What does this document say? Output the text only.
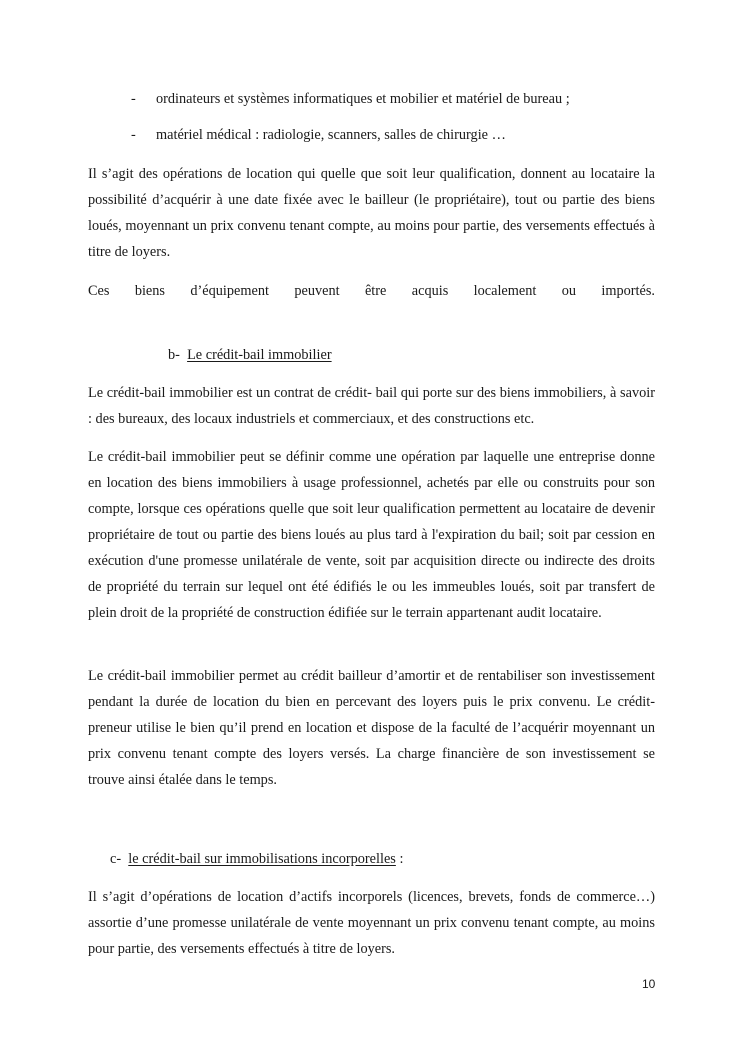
- ordinateurs et systèmes informatiques et mobilier et matériel de bureau ;
- matériel médical : radiologie, scanners, salles de chirurgie …

Il s’agit des opérations de location qui quelle que soit leur qualification, donnent au locataire la possibilité d’acquérir à une date fixée avec le bailleur (le propriétaire), tout ou partie des biens loués, moyennant un prix convenu tenant compte, au moins pour partie, des versements effectués à titre de loyers.

Ces biens d’équipement peuvent être acquis localement ou importés.

b- Le crédit-bail immobilier

Le crédit-bail immobilier est un contrat de crédit- bail qui porte sur des biens immobiliers, à savoir : des bureaux, des locaux industriels et commerciaux, et des constructions etc.

Le crédit-bail immobilier peut se définir comme une opération par laquelle une entreprise donne en location des biens immobiliers à usage professionnel, achetés par elle ou construits pour son compte, lorsque ces opérations quelle que soit leur qualification permettent au locataire de devenir propriétaire de tout ou partie des biens loués au plus tard à l'expiration du bail; soit par cession en exécution d'une promesse unilatérale de vente, soit par acquisition directe ou indirecte des droits de propriété du terrain sur lequel ont été édifiés le ou les immeubles loués, soit par transfert de plein droit de la propriété de construction édifiée sur le terrain appartenant audit locataire.

Le crédit-bail immobilier permet au crédit bailleur d’amortir et de rentabiliser son investissement pendant la durée de location du bien en percevant des loyers puis le prix convenu. Le crédit-preneur utilise le bien qu’il prend en location et dispose de la faculté de l’acquérir moyennant un prix convenu tenant compte des loyers versés. La charge financière de son investissement se trouve ainsi étalée dans le temps.

c- le crédit-bail sur immobilisations incorporelles :

Il s’agit d’opérations de location d’actifs incorporels (licences, brevets, fonds de commerce…) assortie d’une promesse unilatérale de vente moyennant un prix convenu tenant compte, au moins pour partie, des versements effectués à titre de loyers.

10
